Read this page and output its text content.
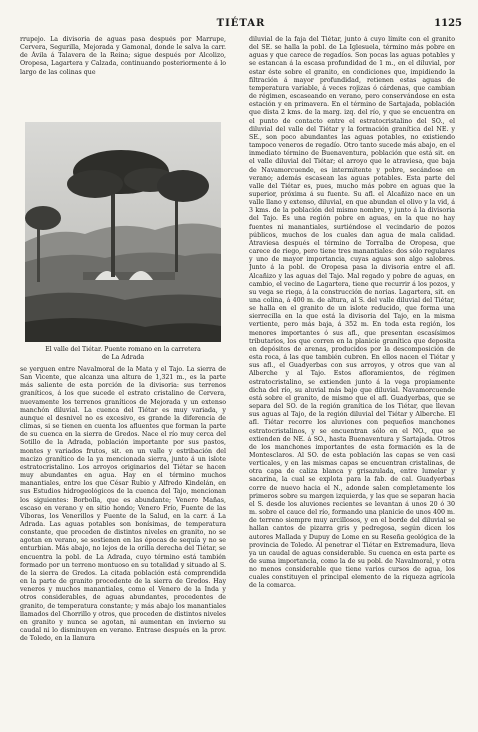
TIÉTAR	1125

rrupejo. La divisoria de aguas pasa después por Marrupe, Cervera, Segurilla, Mejorada y Gamonal, donde le salva la carr. de Ávila á Talavera de la Reina; sigue después por Alcolizo, Oropesa, Lagartera y Calzada, continuando posteriormente á lo largo de las colinas que

El valle del Tiétar. Puente romano en la carretera
de La Adrada

se yerguen entre Navalmoral de la Mata y el Tajo. La sierra de San Vicente, que alcanza una altura de 1,321 m., es la parte más saliente de esta porción de la divisoria: sus terrenos graníticos, á los que sucede el estrato cristalino de Cervera, nuevamente los terrenos graníticos de Mejorada y un extenso manchón diluvial. La cuenca del Tiétar es muy variada, y aunque el desnivel no es excesivo, es grande la diferencia de climas, si se tienen en cuenta los afluentes que forman la parte de su cuenca en la sierra de Gredos. Nace el río muy cerca del Sotillo de la Adrada, población importante por sus pastos, montes y variados frutos, sit. en un valle y estribación del macizo granítico de la ya mencionada sierra, junto á un islote estratocristalino. Los arroyos originarios del Tiétar se hacen muy abundantes en agua. Hay en el término muchos manantiales, entre los que César Rubio y Alfredo Kindelán, en sus Estudios hidrogeológicos de la cuenca del Tajo, mencionan los siguientes: Borbolla, que es abundante; Venero Mañas, escaso en verano y en sitio hondo; Venero Frío, Fuente de las Víboras, los Venerillos y Fuente de la Salud, en la carr. á La Adrada. Las aguas potables son bonísimas, de temperatura constante, que proceden de distintos niveles en granito, no se agotan en verano, se sostienen en las épocas de sequía y no se enturbian. Más abajo, no lejos de la orilla derecha del Tiétar, se encuentra la pobl. de La Adrada, cuyo término está también formado por un terreno montuoso en su totalidad y situado al S. de la sierra de Gredos. La citada población está comprendida en la parte de granito procedente de la sierra de Gredos. Hay veneros y muchos manantiales, como el Venero de la Inda y otros considerables, de aguas abundantes, procedentes de granito, de temperatura constante; y más abajo los manantiales llamados del Chorrillo y otros, que proceden de distintos niveles en granito y nunca se agotan, ni aumentan en invierno su caudal ni lo disminuyen en verano. Entrase después en la prov. de Toledo, en la llanura

diluvial de la faja del Tiétar, junto á cuyo límite con el granito del SE. se halla la pobl. de La Iglesuela, término más pobre en aguas y que carece de regadíos. Son pocas las aguas potables y se estancan á la escasa profundidad de 1 m., en el diluvial, por estar éste sobre el granito, en condiciones que, impidiendo la filtración á mayor profundidad, retienen estas aguas de temperatura variable, á veces rojizas ó cárdenas, que cambian de régimen, escaseando en verano, pero conservándose en esta estación y en primavera. En el término de Sartajada, población que dista 2 kms. de la marg. izq. del río, y que se encuentra en el punto de contacto entre el estratocristalino del SO., el diluvial del valle del Tiétar y la formación granítica del NE. y SE., son poco abundantes las aguas potables, no existiendo tampoco veneros de regadío. Otro tanto sucede más abajo, en el inmediato término de Buenaventura, población que está sit. en el valle diluvial del Tiétar; el arroyo que le atraviesa, que baja de Navamorcuende, es intermitente y pobre, secándose en verano; además escasean las aguas potables. Esta parte del valle del Tiétar es, pues, mucho más pobre en aguas que la superior, próxima á su fuente. Su afl. el Alcañizo nace en un valle llano y extenso, diluvial, en que abundan el olivo y la vid, á 3 kms. de la población del mismo nombre, y junto á la divisoria del Tajo. Es una región pobre en aguas, en la que no hay fuentes ni manantiales, surtiéndose el vecindario de pozos públicos, muchos de los cuales dan agua de mala calidad. Atraviesa después el término de Torralba de Oropesa, que carece de riego, pero tiene tres manantiales: dos sólo regulares y uno de mayor importancia, cuyas aguas son algo salobres. Junto á la pobl. de Oropesa pasa la divisoria entre el afl. Alcañizo y las aguas del Tajo. Mal regado y pobre de aguas, en cambio, el vecino de Lagartera, tiene que recurrir á los pozos, y su vega se riega, á la construcción de norias. Lagartera, sit. en una colina, á 400 m. de altura, al S. del valle diluvial del Tiétar, se halla en el granito de un islote reducido, que forma una sierrecilla en la que está la divisoria del Tajo, en la misma vertiente, pero más baja, á 352 m. En toda esta región, los menores importantes ó sus afl., que presentan escasísimos tributarios, los que corren en la planicie granítica que deposita en depósitos de arenas, producidos por la descomposición de esta roca, á las que también cubren. En ellos nacen el Tiétar y sus afl., el Guadyerbas con sus arroyos, y otros que van al Alberche y al Tajo. Estos afloramientos, de régimen estratocristalino, se extienden junto á la vega propiamente dicha del río, su aluvial más bajo que diluvial. Navamorcuende está sobre el granito, de mismo que el afl. Guadyerbas, que se separa del SO. de la región granítica de los Tiétar, que llevan sus aguas al Tajo, de la región diluvial del Tiétar y Alberche. El afl. Tiétar recorre los aluviones con pequeños manchones estratocristalinos, y se encuentran sólo en el NO., que se extienden de NE. á SO., hasta Buenaventura y Sartajada. Otros de los manchones importantes de esta formación es la de Montesclaros. Al SO. de esta población las capas se ven casi verticales, y en las mismas capas se encuentran cristalinas, de otra capa de caliza blanca y grisazulada, entre lumelar y sacarina, la cual se explota para la fab. de cal. Guadyerbas corre de nuevo hacia el N., adonde salen completamente los primeros sobre su margen izquierda, y las que se separan hacia el S. desde los aluviones recientes se levantan á unos 20 ó 30 m. sobre el cauce del río, formando una planicie de unos 400 m. de terreno siempre muy arcillosos, y en el borde del diluvial se hallan cantos de pizarra gris y pedregosa, según dicen los autores Mallada y Dupuy de Lome en su Reseña geológica de la provincia de Toledo. Al penetrar el Tiétar en Extremadura, lleva ya un caudal de aguas considerable. Su cuenca en esta parte es de suma importancia, como la de su pobl. de Navalmoral, y otra no menos considerable que tiene varios cursos de agua, los cuales constituyen el principal elemento de la riqueza agrícola de la comarca.
